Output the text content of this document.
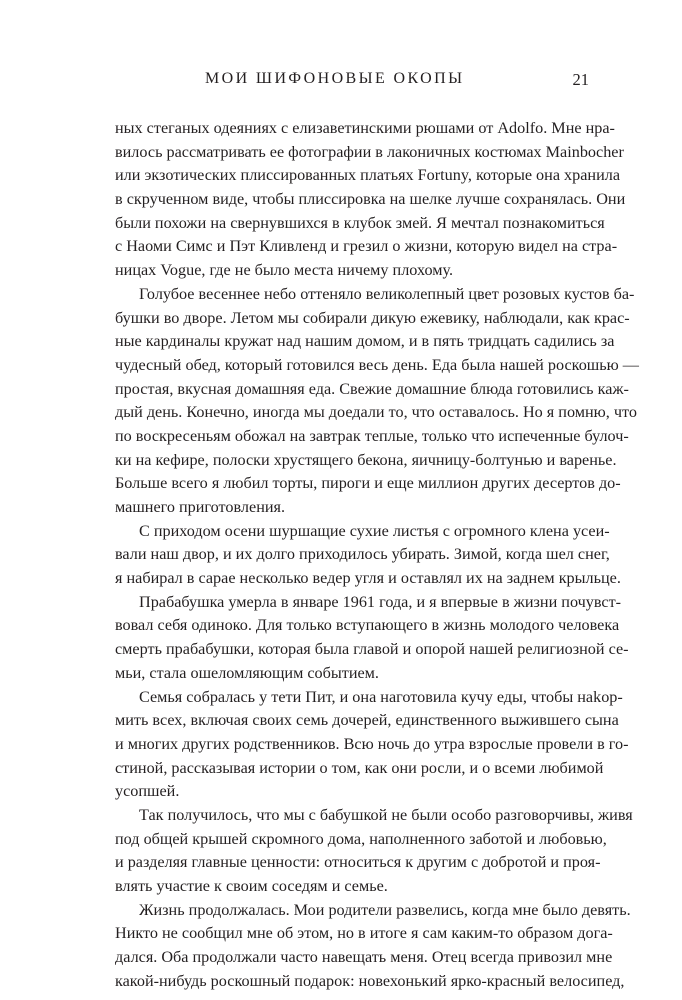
МОИ ШИФОНОВЫЕ ОКОПЫ	21
ных стеганых одеяниях с елизаветинскими рюшами от Adolfo. Мне нра-
вилось рассматривать ее фотографии в лаконичных костюмах Mainbocher
или экзотических плиссированных платьях Fortuny, которые она хранила
в скрученном виде, чтобы плиссировка на шелке лучше сохранялась. Они
были похожи на свернувшихся в клубок змей. Я мечтал познакомиться
с Наоми Симс и Пэт Кливленд и грезил о жизни, которую видел на стра-
ницах Vogue, где не было места ничему плохому.
Голубое весеннее небо оттеняло великолепный цвет розовых кустов ба-
бушки во дворе. Летом мы собирали дикую ежевику, наблюдали, как крас-
ные кардиналы кружат над нашим домом, и в пять тридцать садились за
чудесный обед, который готовился весь день. Еда была нашей роскошью —
простая, вкусная домашняя еда. Свежие домашние блюда готовились каж-
дый день. Конечно, иногда мы доедали то, что оставалось. Но я помню, что
по воскресеньям обожал на завтрак теплые, только что испеченные булоч-
ки на кефире, полоски хрустящего бекона, яичницу-болтунью и варенье.
Больше всего я любил торты, пироги и еще миллион других десертов до-
машнего приготовления.
С приходом осени шуршащие сухие листья с огромного клена усеи-
вали наш двор, и их долго приходилось убирать. Зимой, когда шел снег,
я набирал в сарае несколько ведер угля и оставлял их на заднем крыльце.
Прабабушка умерла в январе 1961 года, и я впервые в жизни почувст-
вовал себя одиноко. Для только вступающего в жизнь молодого человека
смерть прабабушки, которая была главой и опорой нашей религиозной се-
мьи, стала ошеломляющим событием.
Семья собралась у тети Пит, и она наготовила кучу еды, чтобы наkор-
мить всех, включая своих семь дочерей, единственного выжившего сына
и многих других родственников. Всю ночь до утра взрослые провели в го-
стиной, рассказывая истории о том, как они росли, и о всеми любимой
усопшей.
Так получилось, что мы с бабушкой не были особо разговорчивы, живя
под общей крышей скромного дома, наполненного заботой и любовью,
и разделяя главные ценности: относиться к другим с добротой и проя-
влять участие к своим соседям и семье.
Жизнь продолжалась. Мои родители развелись, когда мне было девять.
Никто не сообщил мне об этом, но в итоге я сам каким-то образом дога-
дался. Оба продолжали часто навещать меня. Отец всегда привозил мне
какой-нибудь роскошный подарок: новехонький ярко-красный велосипед,
